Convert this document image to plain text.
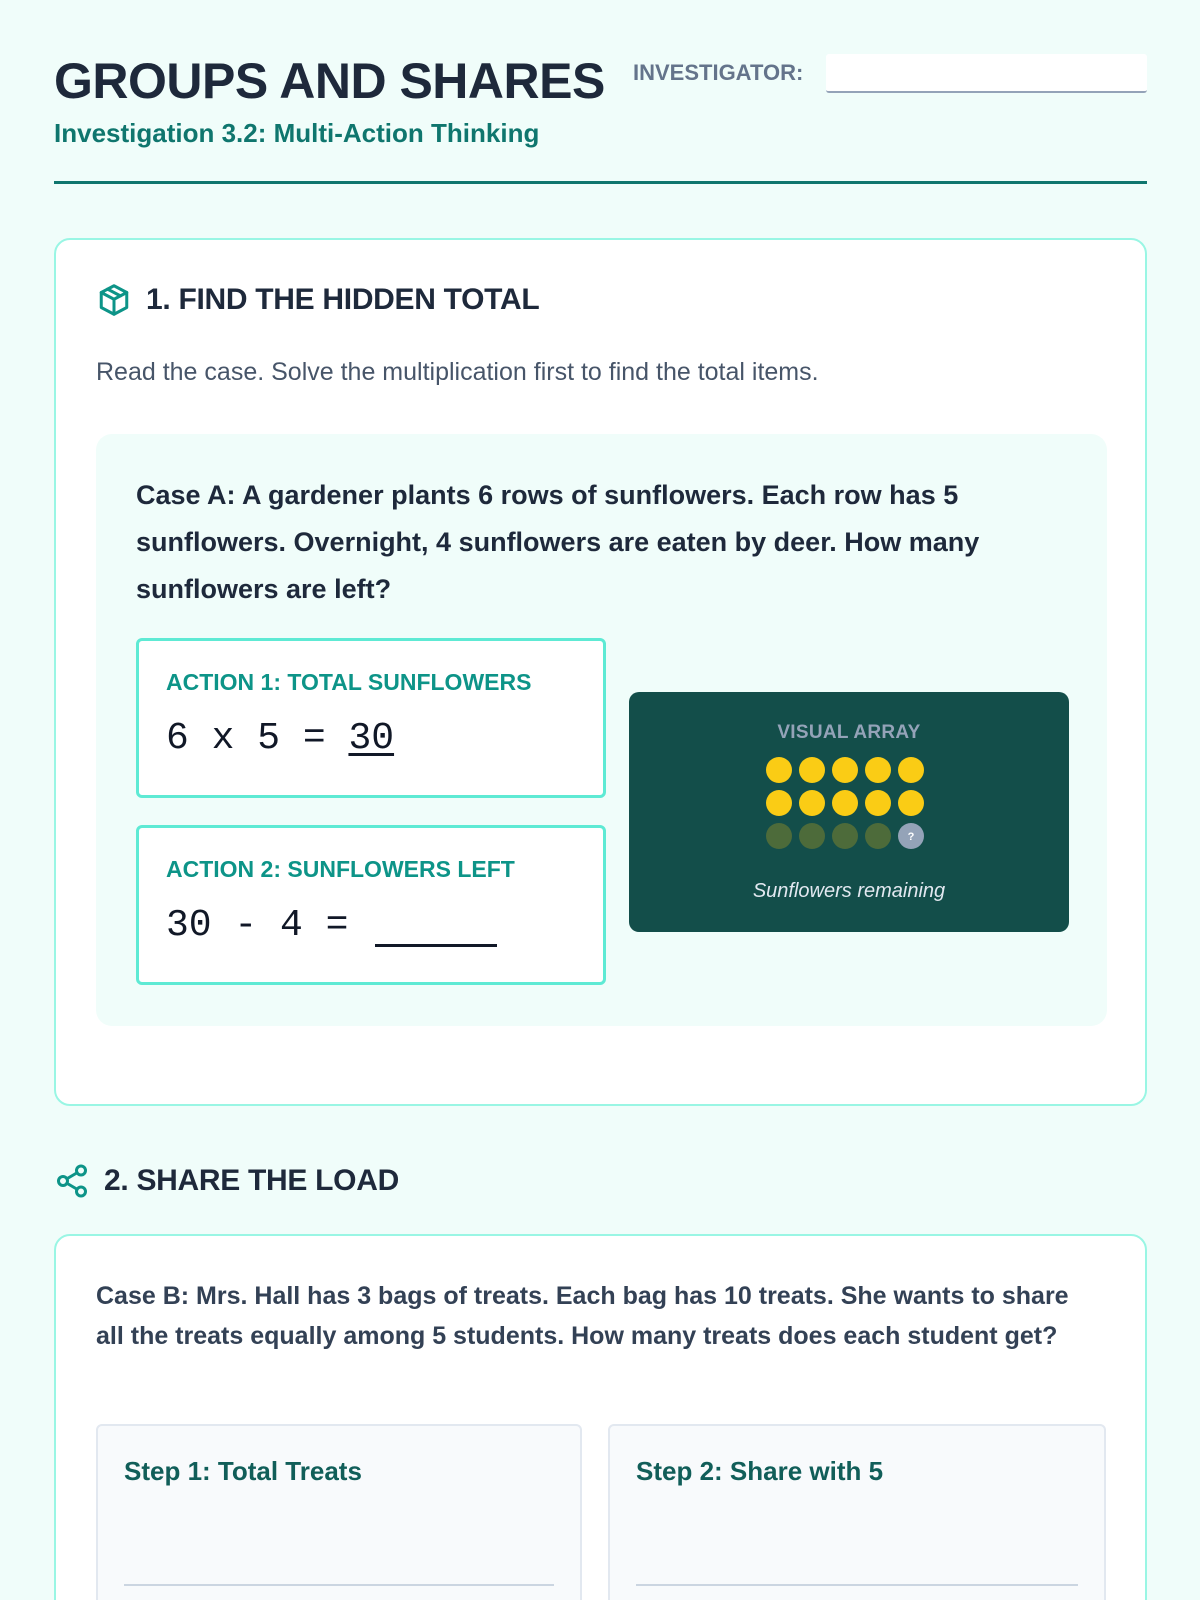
GROUPS AND SHARES INVESTIGATOR:
Investigation 3.2: Multi-Action Thinking
1. FIND THE HIDDEN TOTAL
Read the case. Solve the multiplication first to find the total items.
Case A: A gardener plants 6 rows of sunflowers. Each row has 5 sunflowers. Overnight, 4 sunflowers are eaten by deer. How many sunflowers are left?
ACTION 1: TOTAL SUNFLOWERS
6 x 5 = 30
ACTION 2: SUNFLOWERS LEFT
30 - 4 =
VISUAL ARRAY
?
Sunflowers remaining
2. SHARE THE LOAD
Case B: Mrs. Hall has 3 bags of treats. Each bag has 10 treats. She wants to share all the treats equally among 5 students. How many treats does each student get?
Step 1: Total Treats	Step 2: Share with 5
